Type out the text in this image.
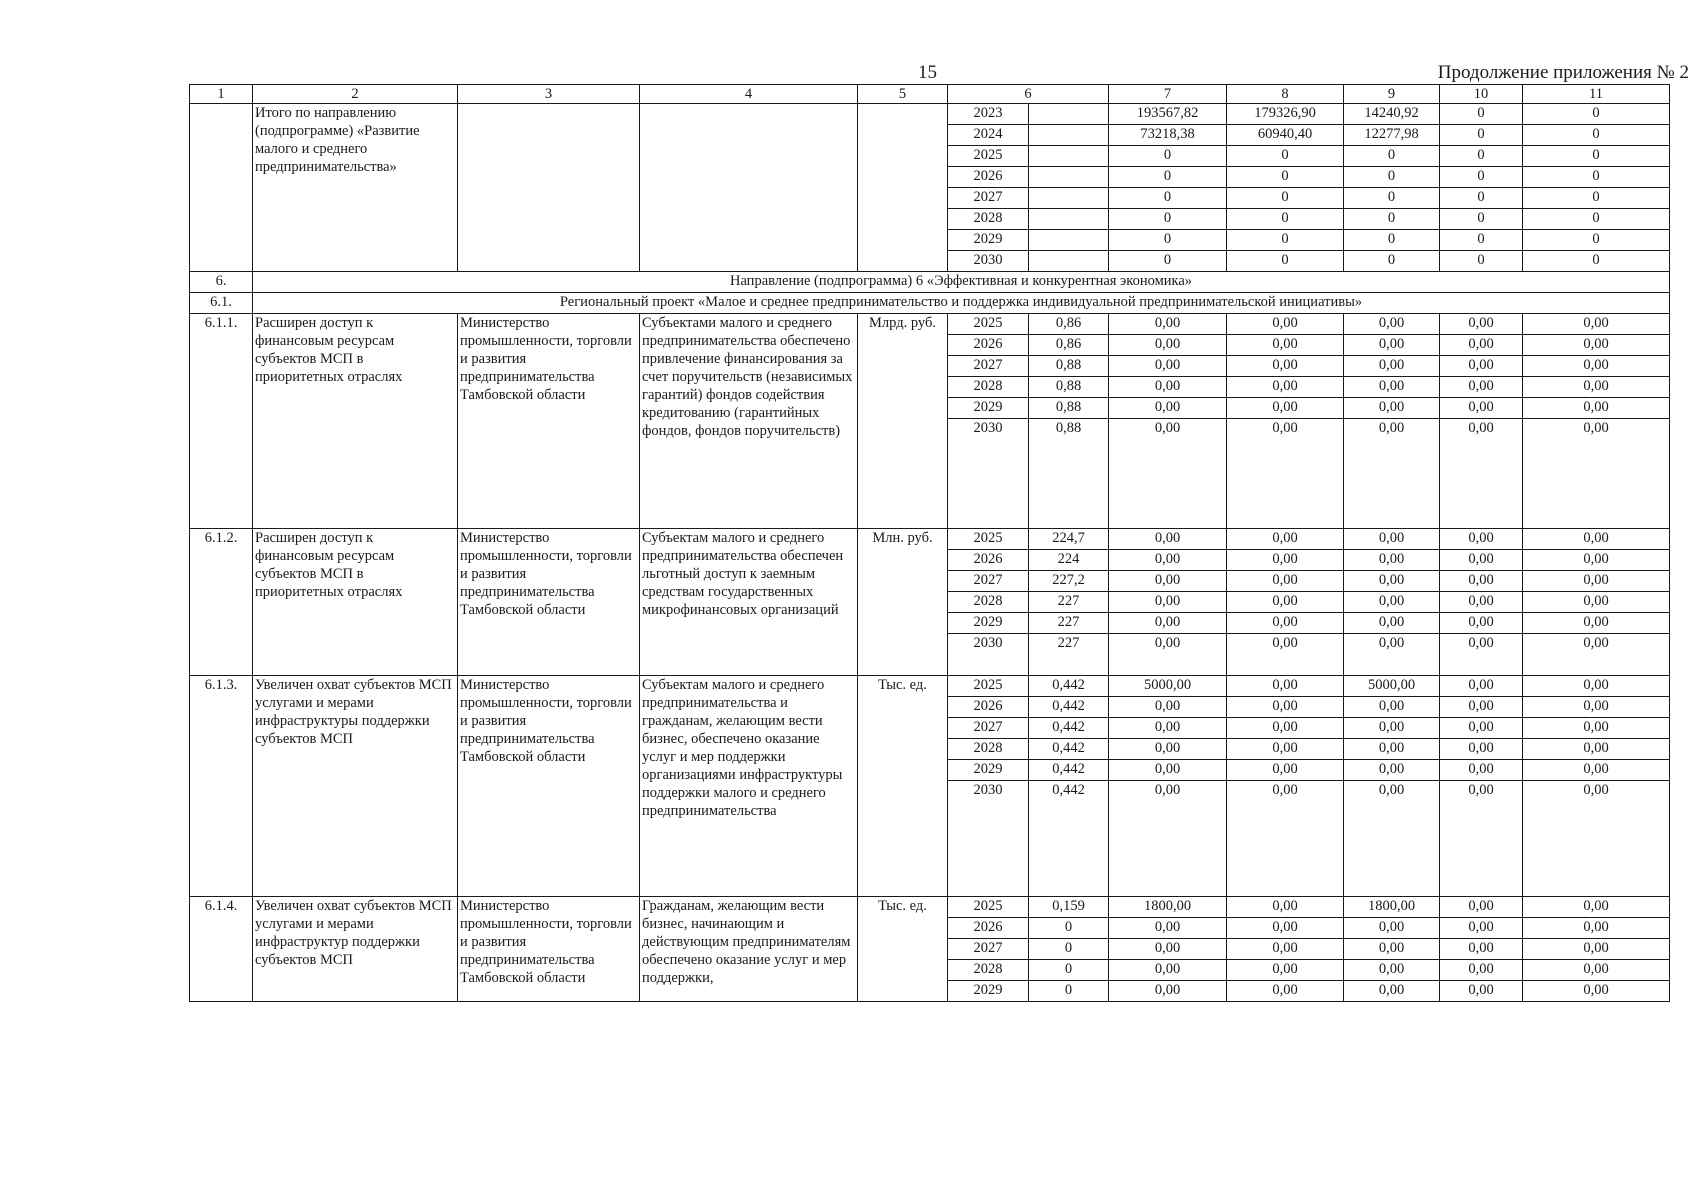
15	Продолжение приложения № 2
1	2	3	4	5	6		7	8	9	10	11
	Итого по направлению (подпрограмме) «Развитие малого и среднего предпринимательства»				2023		193567,82	179326,90	14240,92	0	0
					2024		73218,38	60940,40	12277,98	0	0
					2025		0	0	0	0	0
					2026		0	0	0	0	0
					2027		0	0	0	0	0
					2028		0	0	0	0	0
					2029		0	0	0	0	0
					2030		0	0	0	0	0
6.	Направление (подпрограмма) 6 «Эффективная и конкурентная экономика»										
6.1.	Региональный проект «Малое и среднее предпринимательство и поддержка индивидуальной предпринимательской инициативы»										
6.1.1.	Расширен доступ к финансовым ресурсам субъектов МСП в приоритетных отраслях	Министерство промышленности, торговли и развития предпринимательства Тамбовской области	Субъектами малого и среднего предпринимательства обеспечено привлечение финансирования за счет поручительств (независимых гарантий) фондов содействия кредитованию (гарантийных фондов, фондов поручительств)	Млрд. руб.	2025	0,86	0,00	0,00	0,00	0,00	0,00
					2026	0,86	0,00	0,00	0,00	0,00	0,00
					2027	0,88	0,00	0,00	0,00	0,00	0,00
					2028	0,88	0,00	0,00	0,00	0,00	0,00
					2029	0,88	0,00	0,00	0,00	0,00	0,00
					2030	0,88	0,00	0,00	0,00	0,00	0,00
6.1.2.	Расширен доступ к финансовым ресурсам субъектов МСП в приоритетных отраслях	Министерство промышленности, торговли и развития предпринимательства Тамбовской области	Субъектам малого и среднего предпринимательства обеспечен льготный доступ к заемным средствам государственных микрофинансовых организаций	Млн. руб.	2025	224,7	0,00	0,00	0,00	0,00	0,00
					2026	224	0,00	0,00	0,00	0,00	0,00
					2027	227,2	0,00	0,00	0,00	0,00	0,00
					2028	227	0,00	0,00	0,00	0,00	0,00
					2029	227	0,00	0,00	0,00	0,00	0,00
					2030	227	0,00	0,00	0,00	0,00	0,00
6.1.3.	Увеличен охват субъектов МСП услугами и мерами инфраструктуры поддержки субъектов МСП	Министерство промышленности, торговли и развития предпринимательства Тамбовской области	Субъектам малого и среднего предпринимательства и гражданам, желающим вести бизнес, обеспечено оказание услуг и мер поддержки организациями инфраструктуры поддержки малого и среднего предпринимательства	Тыс. ед.	2025	0,442	5000,00	0,00	5000,00	0,00	0,00
					2026	0,442	0,00	0,00	0,00	0,00	0,00
					2027	0,442	0,00	0,00	0,00	0,00	0,00
					2028	0,442	0,00	0,00	0,00	0,00	0,00
					2029	0,442	0,00	0,00	0,00	0,00	0,00
					2030	0,442	0,00	0,00	0,00	0,00	0,00
6.1.4.	Увеличен охват субъектов МСП услугами и мерами инфраструктур поддержки субъектов МСП	Министерство промышленности, торговли и развития предпринимательства Тамбовской области	Гражданам, желающим вести бизнес, начинающим и действующим предпринимателям обеспечено оказание услуг и мер поддержки,	Тыс. ед.	2025	0,159	1800,00	0,00	1800,00	0,00	0,00
					2026	0	0,00	0,00	0,00	0,00	0,00
					2027	0	0,00	0,00	0,00	0,00	0,00
					2028	0	0,00	0,00	0,00	0,00	0,00
					2029	0	0,00	0,00	0,00	0,00	0,00
